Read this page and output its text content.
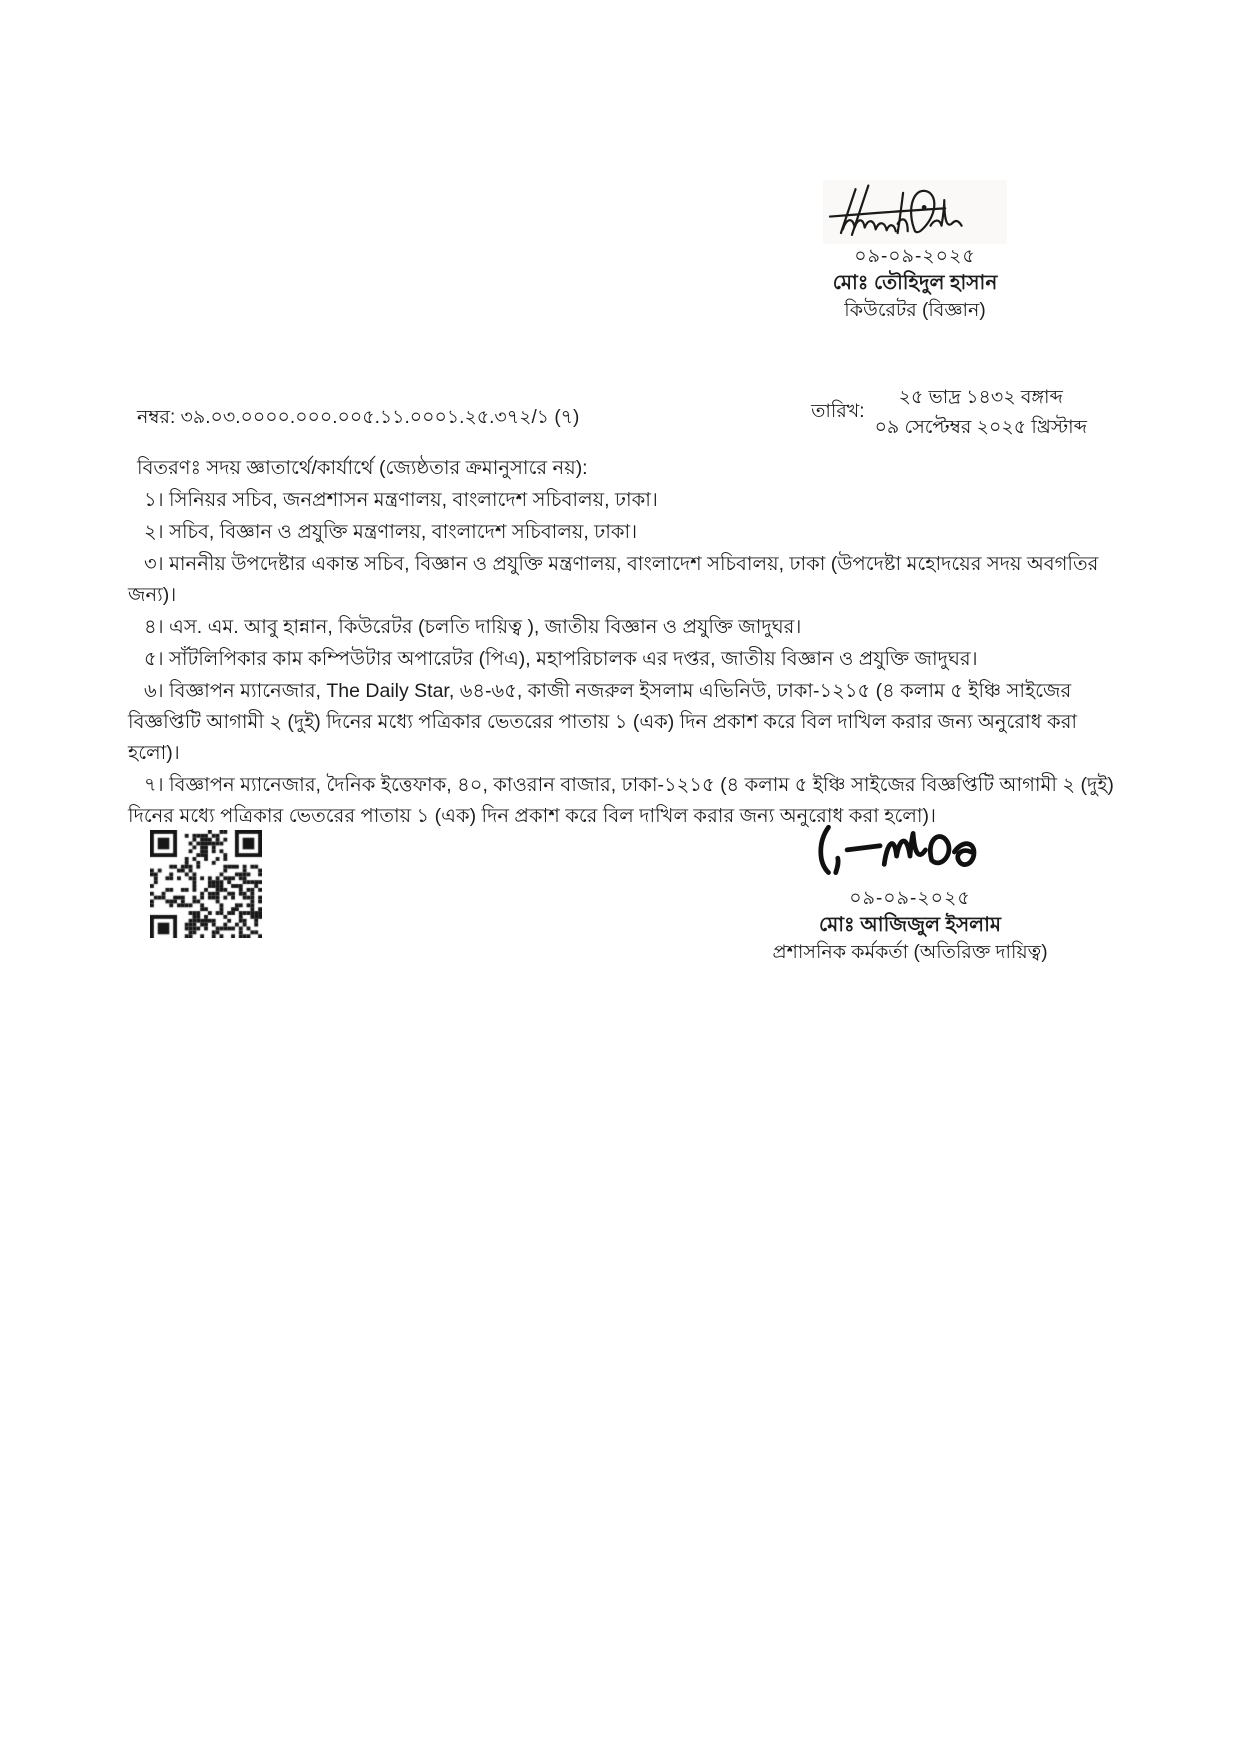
০৯-০৯-২০২৫
মোঃ তৌহিদুল হাসান
কিউরেটর (বিজ্ঞান)
নম্বর: ৩৯.০৩.০০০০.০০০.০০৫.১১.০০০১.২৫.৩৭২/১ (৭)	তারিখ:
২৫ ভাদ্র ১৪৩২ বঙ্গাব্দ
০৯ সেপ্টেম্বর ২০২৫ খ্রিস্টাব্দ
বিতরণঃ সদয় জ্ঞাতার্থে/কার্যার্থে (জ্যেষ্ঠতার ক্রমানুসারে নয়):
১। সিনিয়র সচিব, জনপ্রশাসন মন্ত্রণালয়, বাংলাদেশ সচিবালয়, ঢাকা।
২। সচিব, বিজ্ঞান ও প্রযুক্তি মন্ত্রণালয়, বাংলাদেশ সচিবালয়, ঢাকা।
৩। মাননীয় উপদেষ্টার একান্ত সচিব, বিজ্ঞান ও প্রযুক্তি মন্ত্রণালয়, বাংলাদেশ সচিবালয়, ঢাকা (উপদেষ্টা মহোদয়ের সদয় অবগতির জন্য)।
৪। এস. এম. আবু হান্নান, কিউরেটর (চলতি দায়িত্ব ), জাতীয় বিজ্ঞান ও প্রযুক্তি জাদুঘর।
৫। সাঁটলিপিকার কাম কম্পিউটার অপারেটর (পিএ), মহাপরিচালক এর দপ্তর, জাতীয় বিজ্ঞান ও প্রযুক্তি জাদুঘর।
৬। বিজ্ঞাপন ম্যানেজার, The Daily Star, ৬৪-৬৫, কাজী নজরুল ইসলাম এভিনিউ, ঢাকা-১২১৫ (৪ কলাম ৫ ইঞ্চি সাইজের বিজ্ঞপ্তিটি আগামী ২ (দুই) দিনের মধ্যে পত্রিকার ভেতরের পাতায় ১ (এক) দিন প্রকাশ করে বিল দাখিল করার জন্য অনুরোধ করা হলো)।
৭। বিজ্ঞাপন ম্যানেজার, দৈনিক ইত্তেফাক, ৪০, কাওরান বাজার, ঢাকা-১২১৫ (৪ কলাম ৫ ইঞ্চি সাইজের বিজ্ঞপ্তিটি আগামী ২ (দুই) দিনের মধ্যে পত্রিকার ভেতরের পাতায় ১ (এক) দিন প্রকাশ করে বিল দাখিল করার জন্য অনুরোধ করা হলো)।
০৯-০৯-২০২৫
মোঃ আজিজুল ইসলাম
প্রশাসনিক কর্মকর্তা (অতিরিক্ত দায়িত্ব)
